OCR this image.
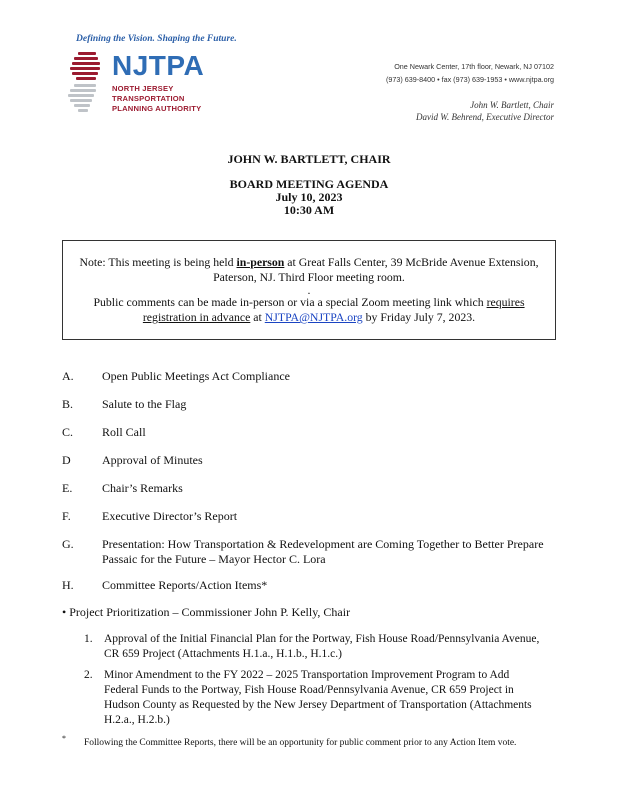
Defining the Vision. Shaping the Future.
NJTPA
NORTH JERSEY
TRANSPORTATION
PLANNING AUTHORITY
One Newark Center, 17th floor, Newark, NJ 07102
(973) 639-8400 • fax (973) 639-1953 • www.njtpa.org
John W. Bartlett, Chair
David W. Behrend, Executive Director
JOHN W. BARTLETT, CHAIR
BOARD MEETING AGENDA
July 10, 2023
10:30 AM
Note: This meeting is being held in-person at Great Falls Center, 39 McBride Avenue Extension,
Paterson, NJ. Third Floor meeting room.
.
Public comments can be made in-person or via a special Zoom meeting link which requires
registration in advance at NJTPA@NJTPA.org by Friday July 7, 2023.
A. Open Public Meetings Act Compliance
B. Salute to the Flag
C. Roll Call
D	Approval of Minutes
E. Chair’s Remarks
F.	Executive Director’s Report
G. Presentation: How Transportation & Redevelopment are Coming Together to Better Prepare Passaic for the Future – Mayor Hector C. Lora
H. Committee Reports/Action Items*
• Project Prioritization – Commissioner John P. Kelly, Chair
1. Approval of the Initial Financial Plan for the Portway, Fish House Road/Pennsylvania Avenue, CR 659 Project (Attachments H.1.a., H.1.b., H.1.c.)
2. Minor Amendment to the FY 2022 – 2025 Transportation Improvement Program to Add Federal Funds to the Portway, Fish House Road/Pennsylvania Avenue, CR 659 Project in Hudson County as Requested by the New Jersey Department of Transportation (Attachments H.2.a., H.2.b.)
* Following the Committee Reports, there will be an opportunity for public comment prior to any Action Item vote.
